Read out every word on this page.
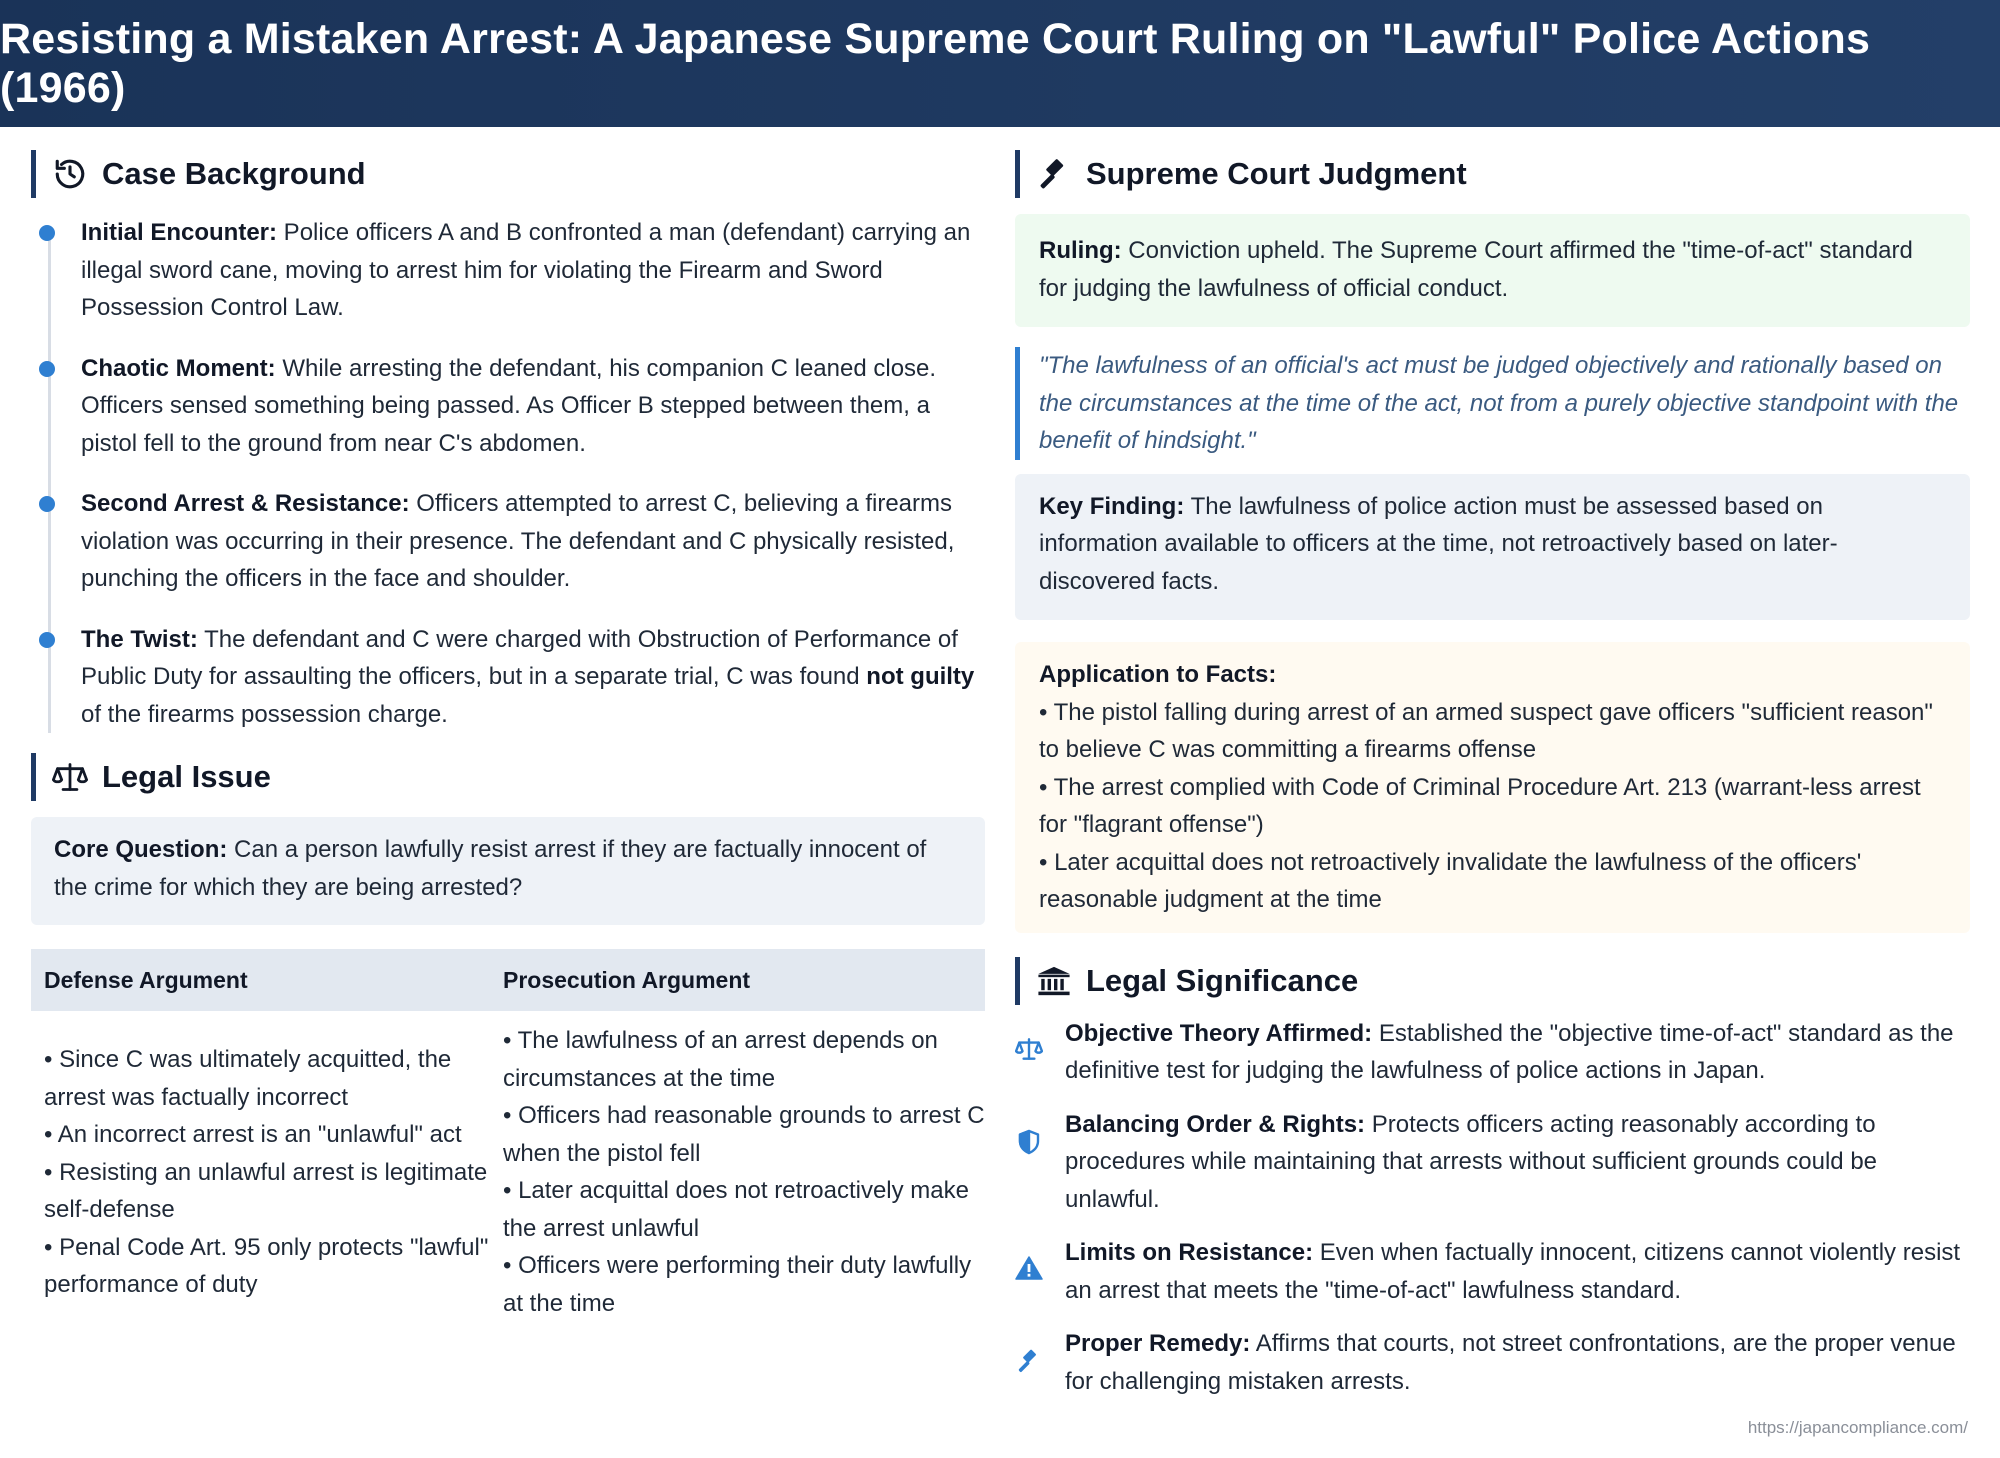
Resisting a Mistaken Arrest: A Japanese Supreme Court Ruling on "Lawful" Police Actions (1966)
Case Background
Initial Encounter: Police officers A and B confronted a man (defendant) carrying an illegal sword cane, moving to arrest him for violating the Firearm and Sword Possession Control Law.
Chaotic Moment: While arresting the defendant, his companion C leaned close. Officers sensed something being passed. As Officer B stepped between them, a pistol fell to the ground from near C's abdomen.
Second Arrest & Resistance: Officers attempted to arrest C, believing a firearms violation was occurring in their presence. The defendant and C physically resisted, punching the officers in the face and shoulder.
The Twist: The defendant and C were charged with Obstruction of Performance of Public Duty for assaulting the officers, but in a separate trial, C was found not guilty of the firearms possession charge.
Legal Issue
Core Question: Can a person lawfully resist arrest if they are factually innocent of the crime for which they are being arrested?
Defense Argument	Prosecution Argument
• Since C was ultimately acquitted, the arrest was factually incorrect
• An incorrect arrest is an "unlawful" act
• Resisting an unlawful arrest is legitimate self-defense
• Penal Code Art. 95 only protects "lawful" performance of duty
• The lawfulness of an arrest depends on circumstances at the time
• Officers had reasonable grounds to arrest C when the pistol fell
• Later acquittal does not retroactively make the arrest unlawful
• Officers were performing their duty lawfully at the time
Supreme Court Judgment
Ruling: Conviction upheld. The Supreme Court affirmed the "time-of-act" standard for judging the lawfulness of official conduct.
"The lawfulness of an official's act must be judged objectively and rationally based on the circumstances at the time of the act, not from a purely objective standpoint with the benefit of hindsight."
Key Finding: The lawfulness of police action must be assessed based on information available to officers at the time, not retroactively based on later-discovered facts.
Application to Facts:
• The pistol falling during arrest of an armed suspect gave officers "sufficient reason" to believe C was committing a firearms offense
• The arrest complied with Code of Criminal Procedure Art. 213 (warrant-less arrest for "flagrant offense")
• Later acquittal does not retroactively invalidate the lawfulness of the officers' reasonable judgment at the time
Legal Significance
Objective Theory Affirmed: Established the "objective time-of-act" standard as the definitive test for judging the lawfulness of police actions in Japan.
Balancing Order & Rights: Protects officers acting reasonably according to procedures while maintaining that arrests without sufficient grounds could be unlawful.
Limits on Resistance: Even when factually innocent, citizens cannot violently resist an arrest that meets the "time-of-act" lawfulness standard.
Proper Remedy: Affirms that courts, not street confrontations, are the proper venue for challenging mistaken arrests.
https://japancompliance.com/
